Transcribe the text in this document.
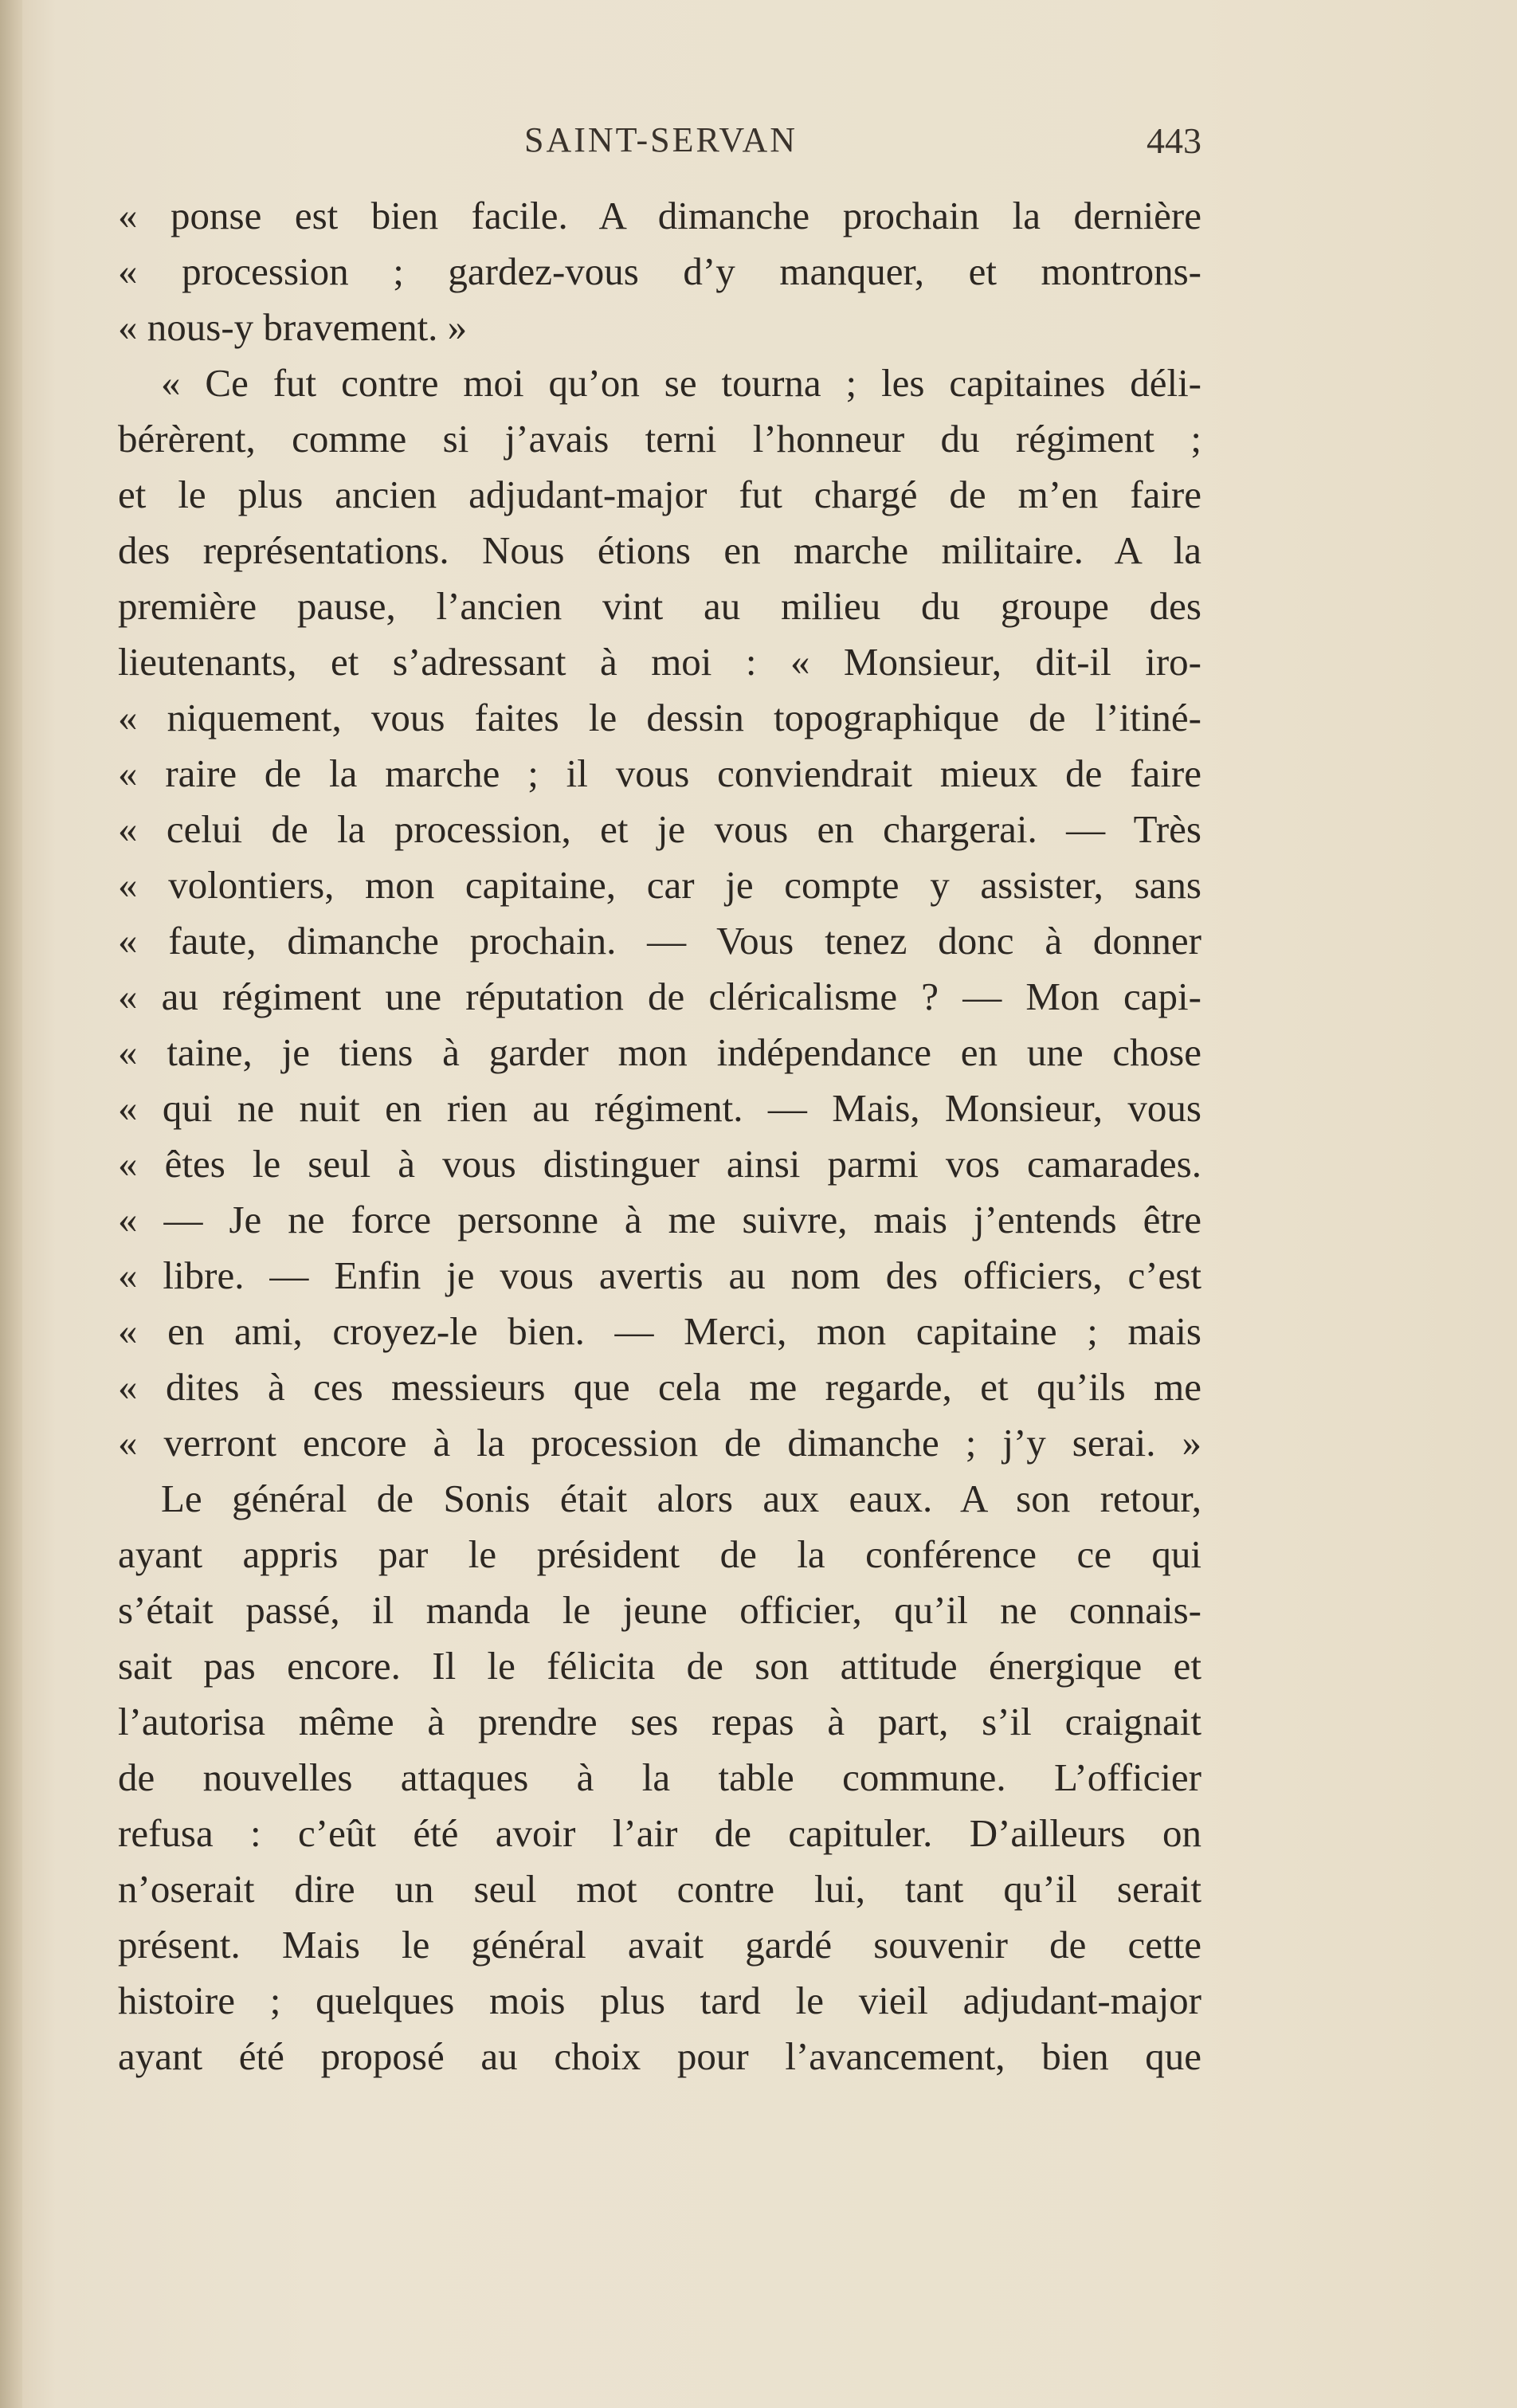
SAINT-SERVAN	443
« ponse est bien facile. A dimanche prochain la dernière
« procession ; gardez-vous d’y manquer, et montrons-
« nous-y bravement. »
« Ce fut contre moi qu’on se tourna ; les capitaines déli-
bérèrent, comme si j’avais terni l’honneur du régiment ;
et le plus ancien adjudant-major fut chargé de m’en faire
des représentations. Nous étions en marche militaire. A la
première pause, l’ancien vint au milieu du groupe des
lieutenants, et s’adressant à moi : « Monsieur, dit-il iro-
« niquement, vous faites le dessin topographique de l’itiné-
« raire de la marche ; il vous conviendrait mieux de faire
« celui de la procession, et je vous en chargerai. — Très
« volontiers, mon capitaine, car je compte y assister, sans
« faute, dimanche prochain. — Vous tenez donc à donner
« au régiment une réputation de cléricalisme ? — Mon capi-
« taine, je tiens à garder mon indépendance en une chose
« qui ne nuit en rien au régiment. — Mais, Monsieur, vous
« êtes le seul à vous distinguer ainsi parmi vos camarades.
« — Je ne force personne à me suivre, mais j’entends être
« libre. — Enfin je vous avertis au nom des officiers, c’est
« en ami, croyez-le bien. — Merci, mon capitaine ; mais
« dites à ces messieurs que cela me regarde, et qu’ils me
« verront encore à la procession de dimanche ; j’y serai. »
Le général de Sonis était alors aux eaux. A son retour,
ayant appris par le président de la conférence ce qui
s’était passé, il manda le jeune officier, qu’il ne connais-
sait pas encore. Il le félicita de son attitude énergique et
l’autorisa même à prendre ses repas à part, s’il craignait
de nouvelles attaques à la table commune. L’officier
refusa : c’eût été avoir l’air de capituler. D’ailleurs on
n’oserait dire un seul mot contre lui, tant qu’il serait
présent. Mais le général avait gardé souvenir de cette
histoire ; quelques mois plus tard le vieil adjudant-major
ayant été proposé au choix pour l’avancement, bien que
